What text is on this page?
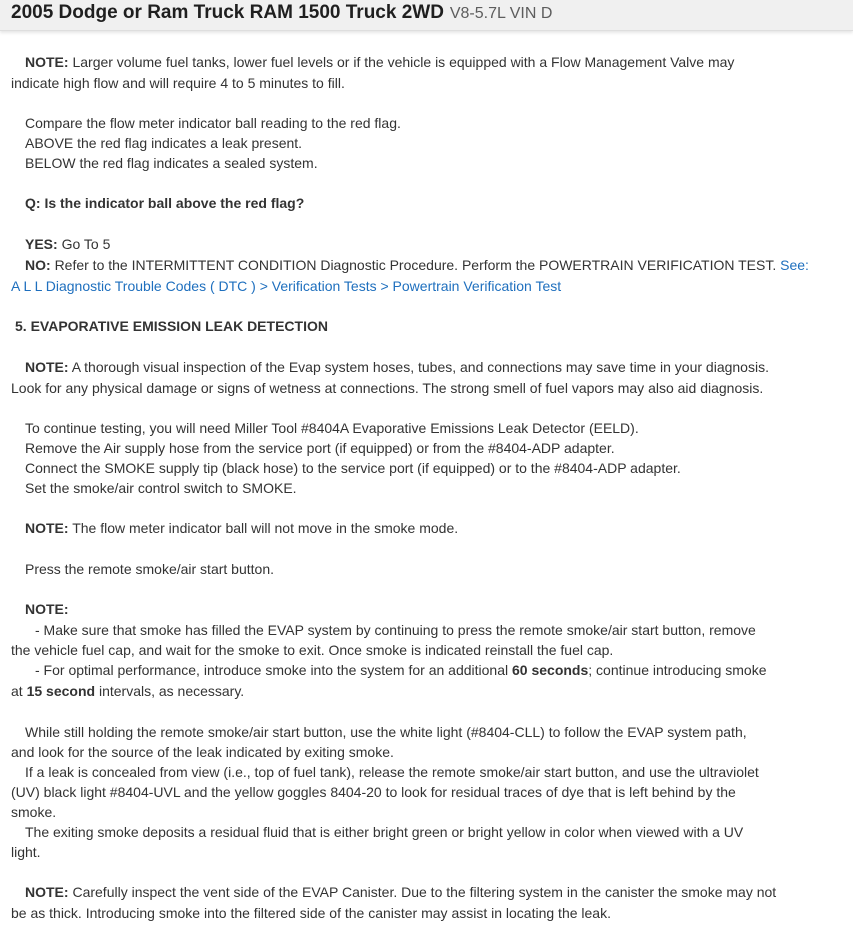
2005 Dodge or Ram Truck RAM 1500 Truck 2WD V8-5.7L VIN D
NOTE: Larger volume fuel tanks, lower fuel levels or if the vehicle is equipped with a Flow Management Valve may
indicate high flow and will require 4 to 5 minutes to fill.
Compare the flow meter indicator ball reading to the red flag.
ABOVE the red flag indicates a leak present.
BELOW the red flag indicates a sealed system.
Q: Is the indicator ball above the red flag?
YES: Go To 5
NO: Refer to the INTERMITTENT CONDITION Diagnostic Procedure. Perform the POWERTRAIN VERIFICATION TEST. See:
A L L Diagnostic Trouble Codes ( DTC ) > Verification Tests > Powertrain Verification Test
5. EVAPORATIVE EMISSION LEAK DETECTION
NOTE: A thorough visual inspection of the Evap system hoses, tubes, and connections may save time in your diagnosis.
Look for any physical damage or signs of wetness at connections. The strong smell of fuel vapors may also aid diagnosis.
To continue testing, you will need Miller Tool #8404A Evaporative Emissions Leak Detector (EELD).
Remove the Air supply hose from the service port (if equipped) or from the #8404-ADP adapter.
Connect the SMOKE supply tip (black hose) to the service port (if equipped) or to the #8404-ADP adapter.
Set the smoke/air control switch to SMOKE.
NOTE: The flow meter indicator ball will not move in the smoke mode.
Press the remote smoke/air start button.
NOTE:
- Make sure that smoke has filled the EVAP system by continuing to press the remote smoke/air start button, remove
the vehicle fuel cap, and wait for the smoke to exit. Once smoke is indicated reinstall the fuel cap.
- For optimal performance, introduce smoke into the system for an additional 60 seconds; continue introducing smoke
at 15 second intervals, as necessary.
While still holding the remote smoke/air start button, use the white light (#8404-CLL) to follow the EVAP system path,
and look for the source of the leak indicated by exiting smoke.
If a leak is concealed from view (i.e., top of fuel tank), release the remote smoke/air start button, and use the ultraviolet
(UV) black light #8404-UVL and the yellow goggles 8404-20 to look for residual traces of dye that is left behind by the
smoke.
The exiting smoke deposits a residual fluid that is either bright green or bright yellow in color when viewed with a UV
light.
NOTE: Carefully inspect the vent side of the EVAP Canister. Due to the filtering system in the canister the smoke may not
be as thick. Introducing smoke into the filtered side of the canister may assist in locating the leak.
